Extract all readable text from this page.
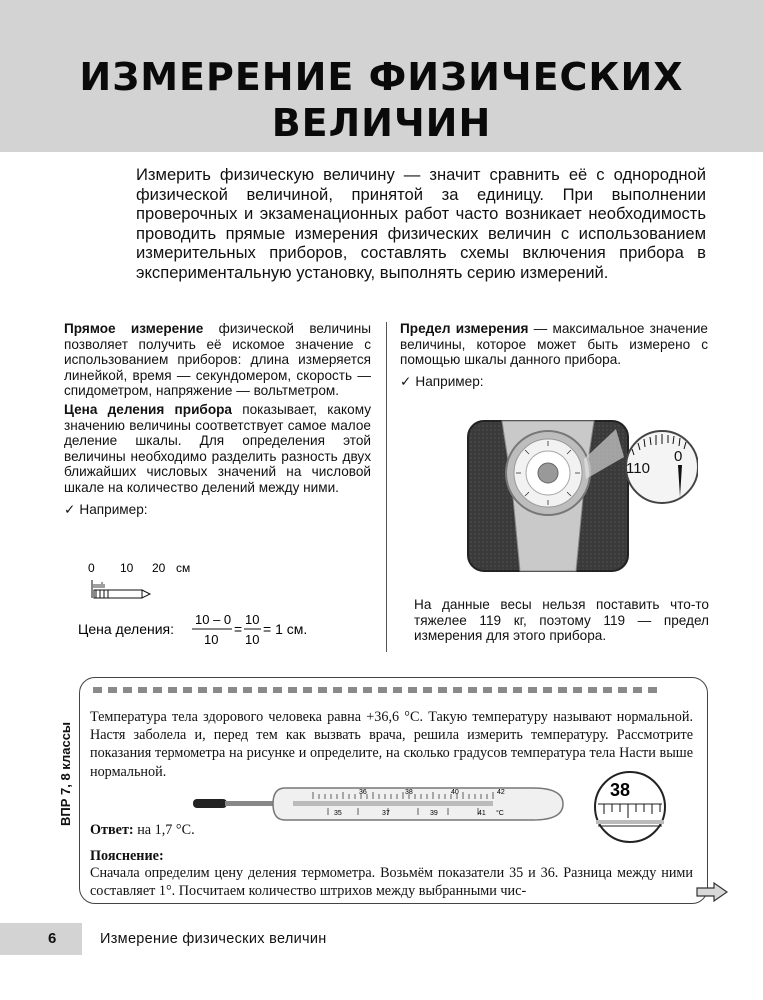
ИЗМЕРЕНИЕ ФИЗИЧЕСКИХ
ВЕЛИЧИН

Измерить физическую величину — значит сравнить её с однородной физической величиной, принятой за единицу. При выполнении проверочных и экзаменационных работ часто возникает необходимость проводить прямые измерения физических величин с использованием измерительных приборов, составлять схемы включения прибора в экспериментальную установку, выполнять серию измерений.

Прямое измерение физической величины позволяет получить её искомое значение с использованием приборов: длина измеряется линейкой, время — секундомером, скорость — спидометром, напряжение — вольтметром.

Цена деления прибора показывает, какому значению величины соответствует самое малое деление шкалы. Для определения этой величины необходимо разделить разность двух ближайших числовых значений на числовой шкале на количество делений между ними.

✓ Например:

0 10 20 см
Цена деления:
10 – 0
10
=
10
10
= 1 см.

Предел измерения — максимальное значение величины, которое может быть измерено с помощью шкалы данного прибора.

✓ Например:

110
0

На данные весы нельзя поставить что-то тяжелее 119 кг, поэтому 119 — предел измерения для этого прибора.

ВПР 7, 8 классы

Температура тела здорового человека равна +36,6 °С. Такую температуру называют нормальной. Настя заболела и, перед тем как вызвать врача, решила измерить температуру. Рассмотрите показания термометра на рисунке и определите, на сколько градусов температура тела Насти выше нормальной.

36	38	40	42
35	37	39	41 °С
38
Ответ: на 1,7 °С.
Пояснение:

Сначала определим цену деления термометра. Возьмём показатели 35 и 36. Разница между ними составляет 1°. Посчитаем количество штрихов между выбранными чис-

6	Измерение физических величин
